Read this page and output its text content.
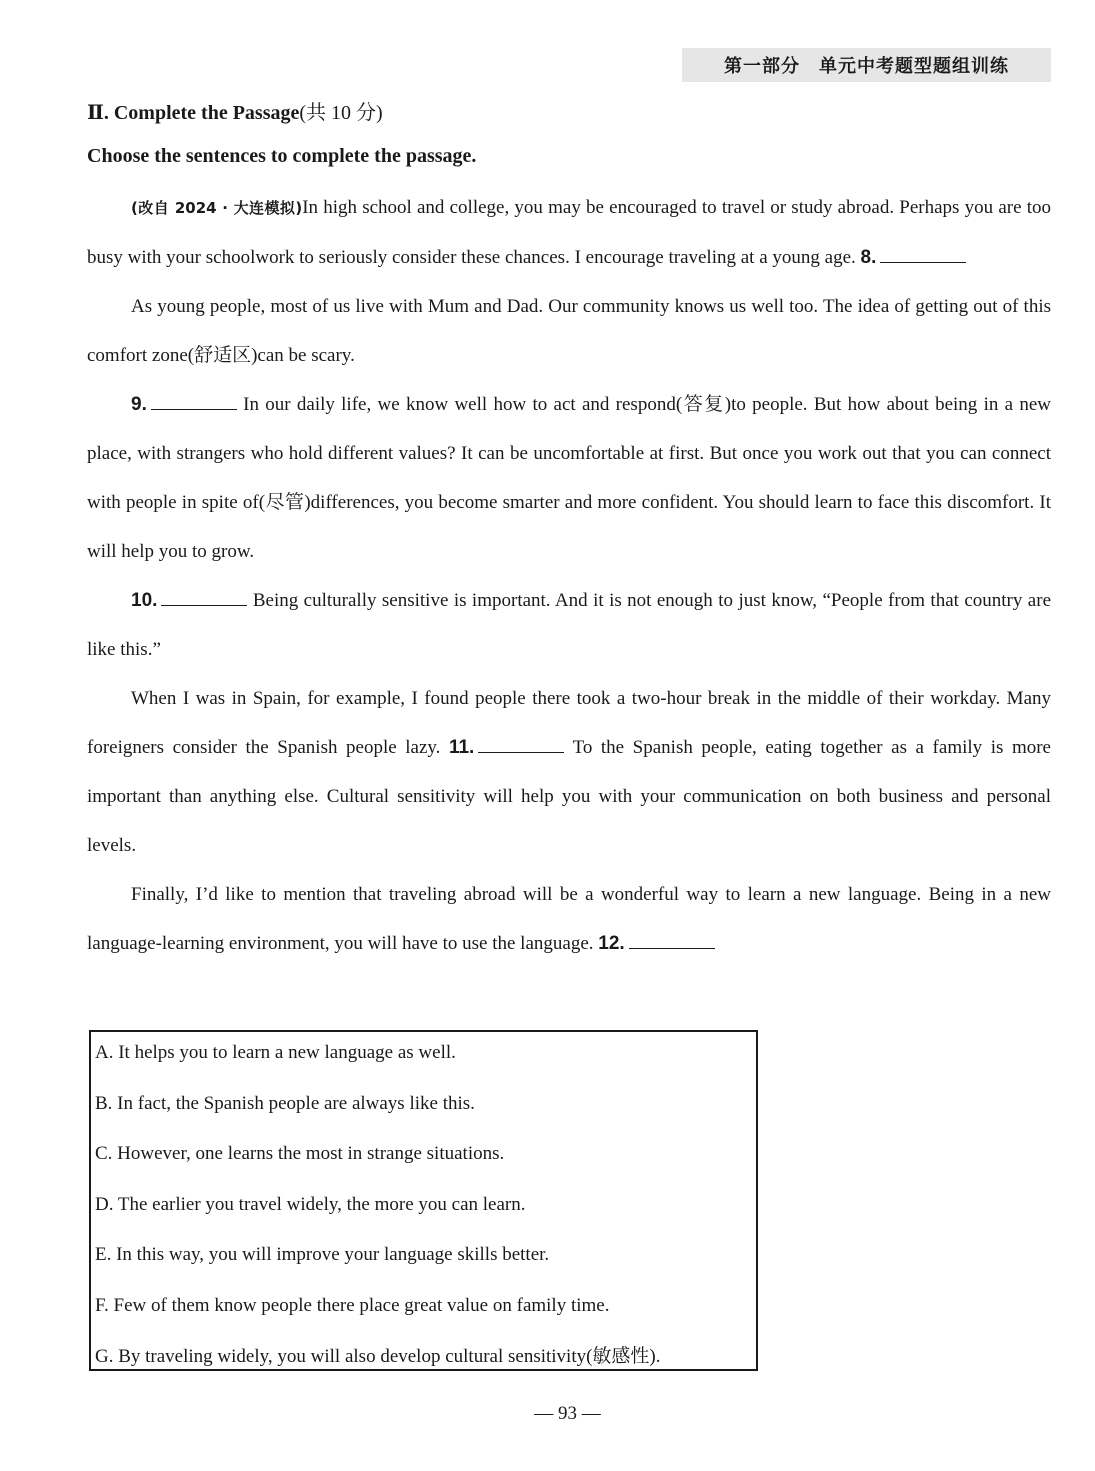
第一部分　单元中考题型题组训练
Ⅱ. Complete the Passage(共 10 分)
Choose the sentences to complete the passage.

(改自 2024 · 大连模拟)In high school and college, you may be encouraged to travel or study abroad. Perhaps you are too busy with your schoolwork to seriously consider these chances. I encourage traveling at a young age. 8.

As young people, most of us live with Mum and Dad. Our community knows us well too. The idea of getting out of this comfort zone(舒适区)can be scary.

9.	In our daily life, we know well how to act and respond(答复)to people. But how about being in a new place, with strangers who hold different values? It can be uncomfortable at first. But once you work out that you can connect with people in spite of(尽管)differences, you become smarter and more confident. You should learn to face this discomfort. It will help you to grow.

10.	Being culturally sensitive is important. And it is not enough to just know, “People from that country are like this.”

When I was in Spain, for example, I found people there took a two-hour break in the middle of their workday. Many foreigners consider the Spanish people lazy. 11.	To the Spanish people, eating together as a family is more important than anything else. Cultural sensitivity will help you with your communication on both business and personal levels.

Finally, I’d like to mention that traveling abroad will be a wonderful way to learn a new language. Being in a new language-learning environment, you will have to use the language. 12.

A. It helps you to learn a new language as well.
B. In fact, the Spanish people are always like this.
C. However, one learns the most in strange situations.
D. The earlier you travel widely, the more you can learn.
E. In this way, you will improve your language skills better.
F. Few of them know people there place great value on family time.
G. By traveling widely, you will also develop cultural sensitivity(敏感性).
— 93 —
